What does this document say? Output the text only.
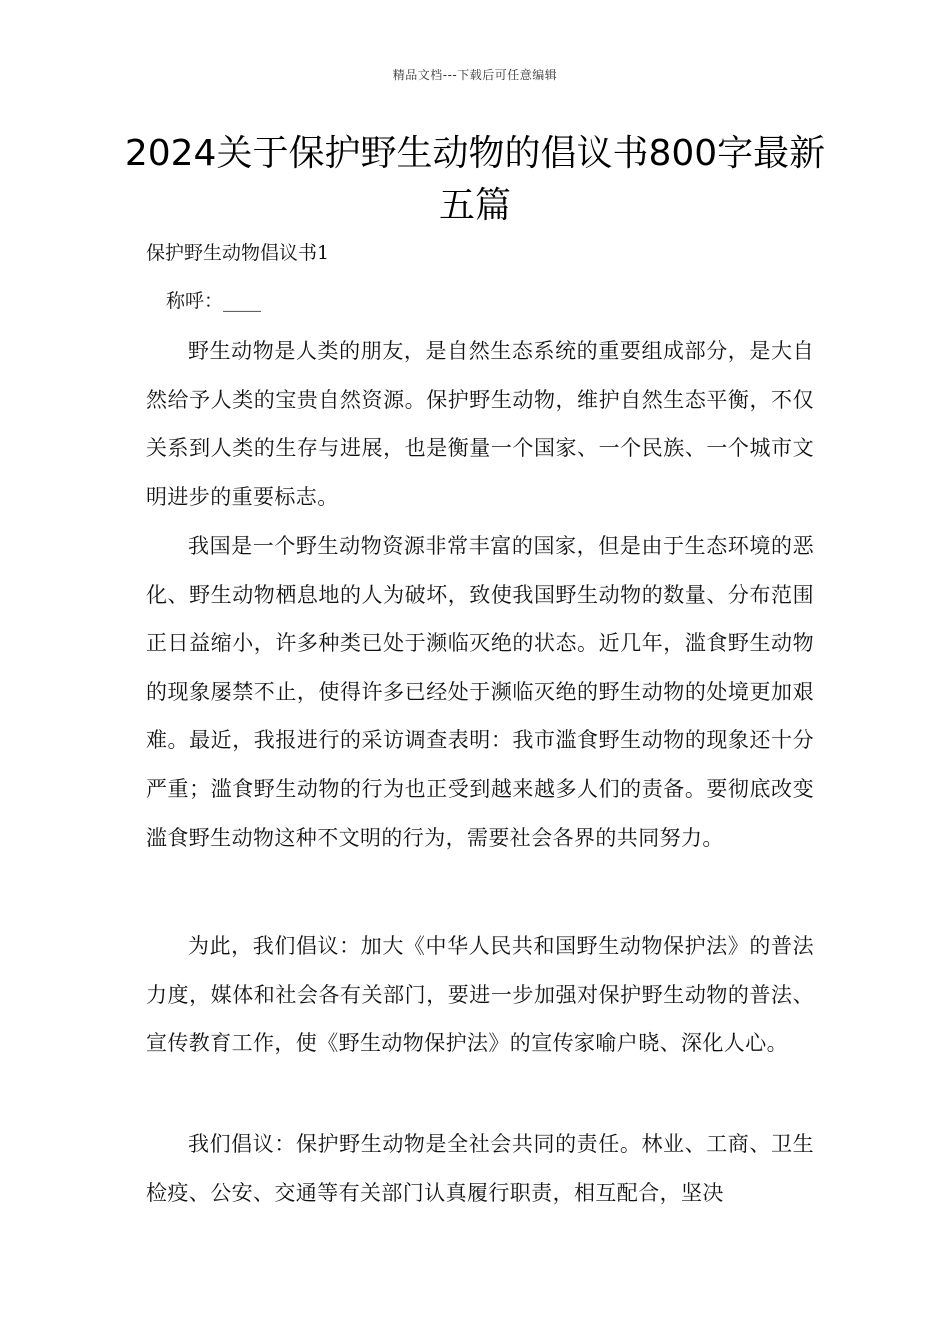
精品文档---下载后可任意编辑
2024关于保护野生动物的倡议书800字最新五篇
保护野生动物倡议书1
称呼：____

野生动物是人类的朋友，是自然生态系统的重要组成部分，是大自然给予人类的宝贵自然资源。保护野生动物，维护自然生态平衡，不仅关系到人类的生存与进展，也是衡量一个国家、一个民族、一个城市文明进步的重要标志。

我国是一个野生动物资源非常丰富的国家，但是由于生态环境的恶化、野生动物栖息地的人为破坏，致使我国野生动物的数量、分布范围正日益缩小，许多种类已处于濒临灭绝的状态。近几年，滥食野生动物的现象屡禁不止，使得许多已经处于濒临灭绝的野生动物的处境更加艰难。最近，我报进行的采访调查表明：我市滥食野生动物的现象还十分严重；滥食野生动物的行为也正受到越来越多人们的责备。要彻底改变滥食野生动物这种不文明的行为，需要社会各界的共同努力。

为此，我们倡议：加大《中华人民共和国野生动物保护法》的普法力度，媒体和社会各有关部门，要进一步加强对保护野生动物的普法、宣传教育工作，使《野生动物保护法》的宣传家喻户晓、深化人心。

我们倡议：保护野生动物是全社会共同的责任。林业、工商、卫生检疫、公安、交通等有关部门认真履行职责，相互配合，坚决
